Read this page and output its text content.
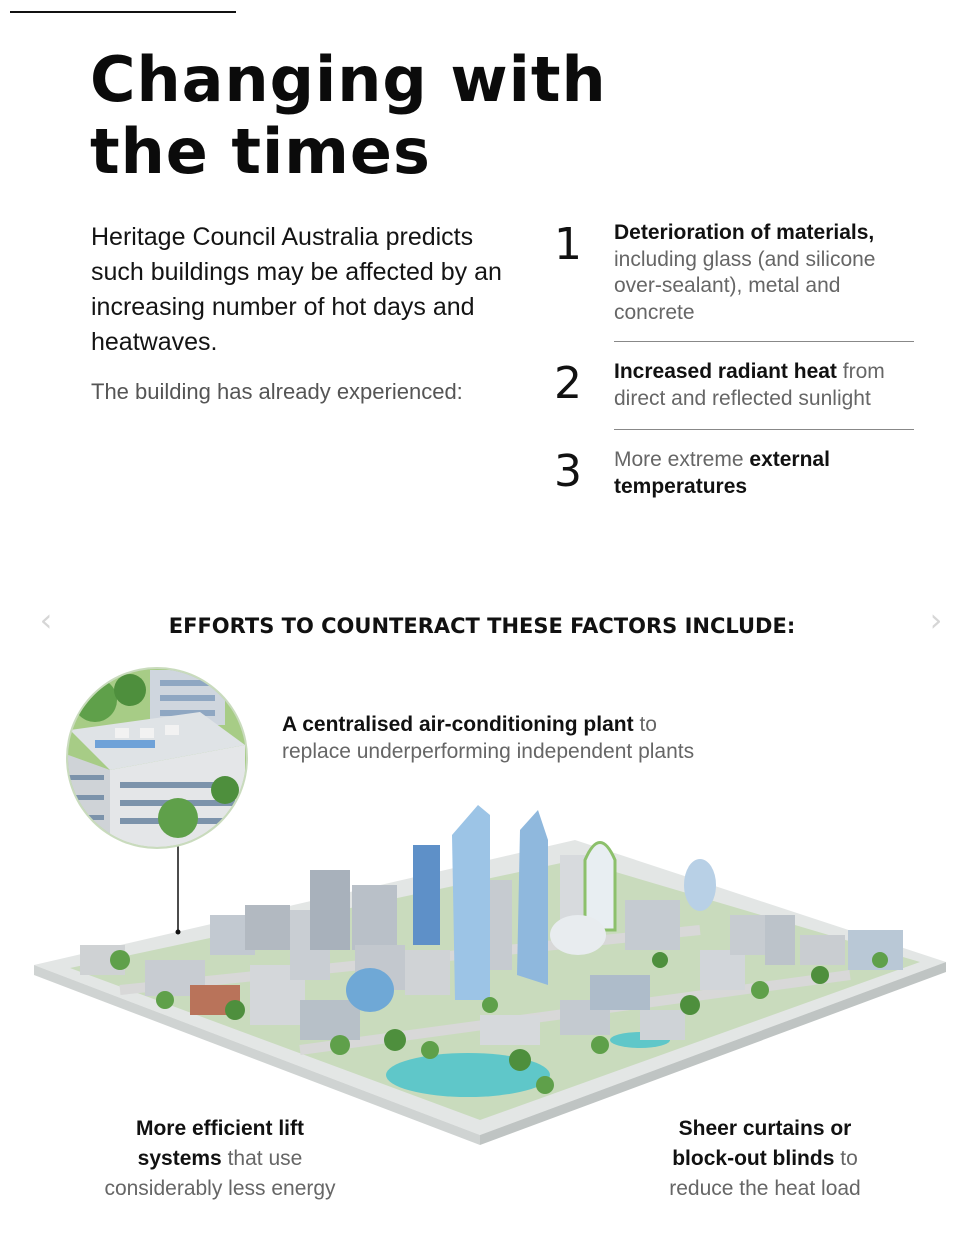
Changing with
the times

Heritage Council Australia predicts such buildings may be affected by an increasing number of hot days and heatwaves.

The building has already experienced:

1 Deterioration of materials, including glass (and silicone over-sealant), metal and concrete
2 Increased radiant heat from direct and reflected sunlight
3 More extreme external temperatures
‹	›
EFFORTS TO COUNTERACT THESE FACTORS INCLUDE:
A centralised air-conditioning plant to
replace underperforming independent plants
More efficient lift
systems that use
considerably less energy
Sheer curtains or
block-out blinds to
reduce the heat load
